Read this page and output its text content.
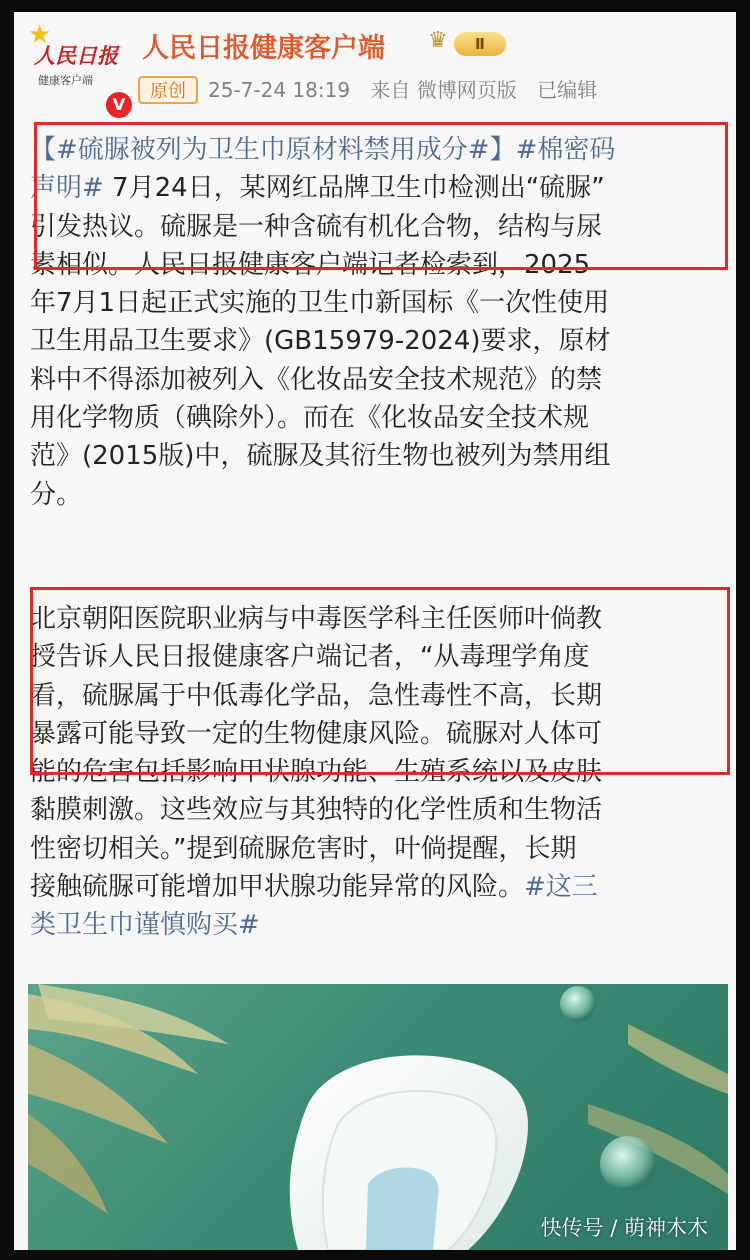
★
人民日报
健康客户端
V
人民日报健康客户端 ♛	Ⅱ
原创	25-7-24 18:19 来自 微博网页版 已编辑
【#硫脲被列为卫生巾原材料禁用成分#】#棉密码
声明# 7月24日，某网红品牌卫生巾检测出“硫脲”
引发热议。硫脲是一种含硫有机化合物，结构与尿
素相似。人民日报健康客户端记者检索到，2025
年7月1日起正式实施的卫生巾新国标《一次性使用
卫生用品卫生要求》(GB15979-2024)要求，原材
料中不得添加被列入《化妆品安全技术规范》的禁
用化学物质（碘除外）。而在《化妆品安全技术规
范》(2015版)中，硫脲及其衍生物也被列为禁用组
分。
北京朝阳医院职业病与中毒医学科主任医师叶倘教
授告诉人民日报健康客户端记者，“从毒理学角度
看，硫脲属于中低毒化学品，急性毒性不高，长期
暴露可能导致一定的生物健康风险。硫脲对人体可
能的危害包括影响甲状腺功能、生殖系统以及皮肤
黏膜刺激。这些效应与其独特的化学性质和生物活
性密切相关。”提到硫脲危害时，叶倘提醒，长期
接触硫脲可能增加甲状腺功能异常的风险。#这三
类卫生巾谨慎购买#
快传号 / 萌神木木
